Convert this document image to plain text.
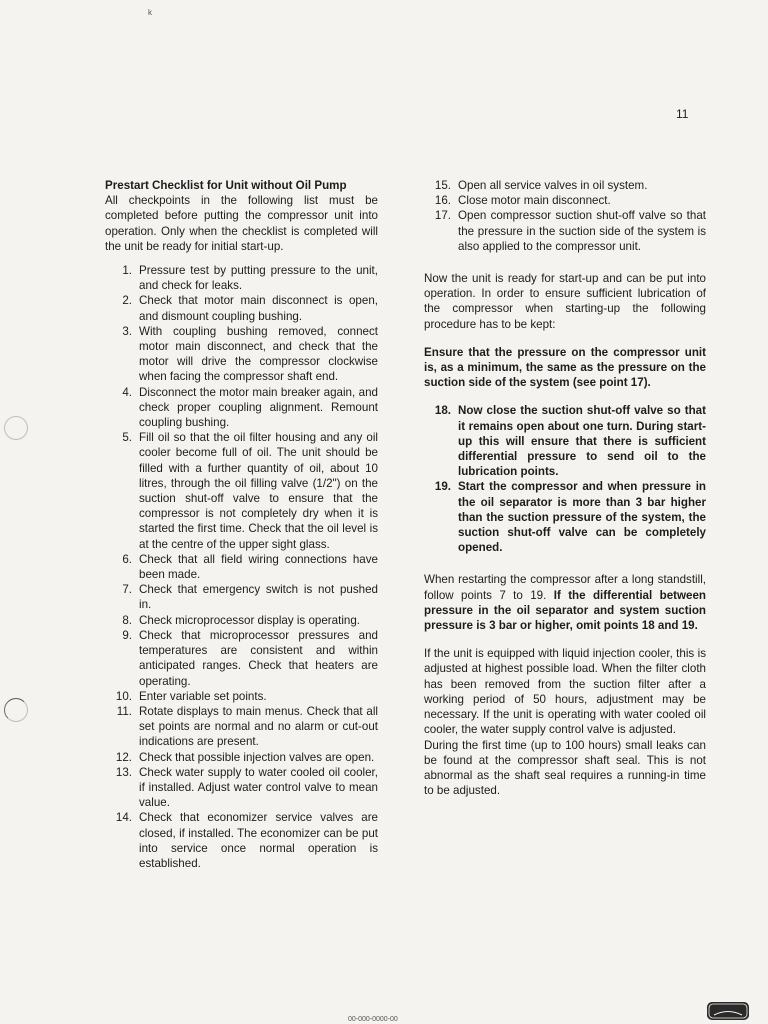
k
11

Prestart Checklist for Unit without Oil Pump

All checkpoints in the following list must be completed before putting the compressor unit into operation. Only when the checklist is completed will the unit be ready for initial start-up.

1. Pressure test by putting pressure to the unit, and check for leaks.
2. Check that motor main disconnect is open, and dismount coupling bushing.
3. With coupling bushing removed, connect motor main disconnect, and check that the motor will drive the compressor clockwise when facing the compressor shaft end.
4. Disconnect the motor main breaker again, and check proper coupling alignment. Remount coupling bushing.
5. Fill oil so that the oil filter housing and any oil cooler become full of oil. The unit should be filled with a further quantity of oil, about 10 litres, through the oil filling valve (1/2") on the suction shut-off valve to ensure that the compressor is not completely dry when it is started the first time. Check that the oil level is at the centre of the upper sight glass.
6. Check that all field wiring connections have been made.
7. Check that emergency switch is not pushed in.
8. Check microprocessor display is operating.
9. Check that microprocessor pressures and temperatures are consistent and within anticipated ranges. Check that heaters are operating.
10. Enter variable set points.
11. Rotate displays to main menus. Check that all set points are normal and no alarm or cut-out indications are present.
12. Check that possible injection valves are open.
13. Check water supply to water cooled oil cooler, if installed. Adjust water control valve to mean value.
14. Check that economizer service valves are closed, if installed. The economizer can be put into service once normal operation is established.
15. Open all service valves in oil system.
16. Close motor main disconnect.
17. Open compressor suction shut-off valve so that the pressure in the suction side of the system is also applied to the compressor unit.

Now the unit is ready for start-up and can be put into operation. In order to ensure sufficient lubrication of the compressor when starting-up the following procedure has to be kept:

Ensure that the pressure on the compressor unit is, as a minimum, the same as the pressure on the suction side of the system (see point 17).

18. Now close the suction shut-off valve so that it remains open about one turn. During start-up this will ensure that there is sufficient differential pressure to send oil to the lubrication points.
19. Start the compressor and when pressure in the oil separator is more than 3 bar higher than the suction pressure of the system, the suction shut-off valve can be completely opened.

When restarting the compressor after a long standstill, follow points 7 to 19. If the differential between pressure in the oil separator and system suction pressure is 3 bar or higher, omit points 18 and 19.

If the unit is equipped with liquid injection cooler, this is adjusted at highest possible load. When the filter cloth has been removed from the suction filter after a working period of 50 hours, adjustment may be necessary. If the unit is operating with water cooled oil cooler, the water supply control valve is adjusted.

During the first time (up to 100 hours) small leaks can be found at the compressor shaft seal. This is not abnormal as the shaft seal requires a running-in time to be adjusted.

00-000-0000-00
